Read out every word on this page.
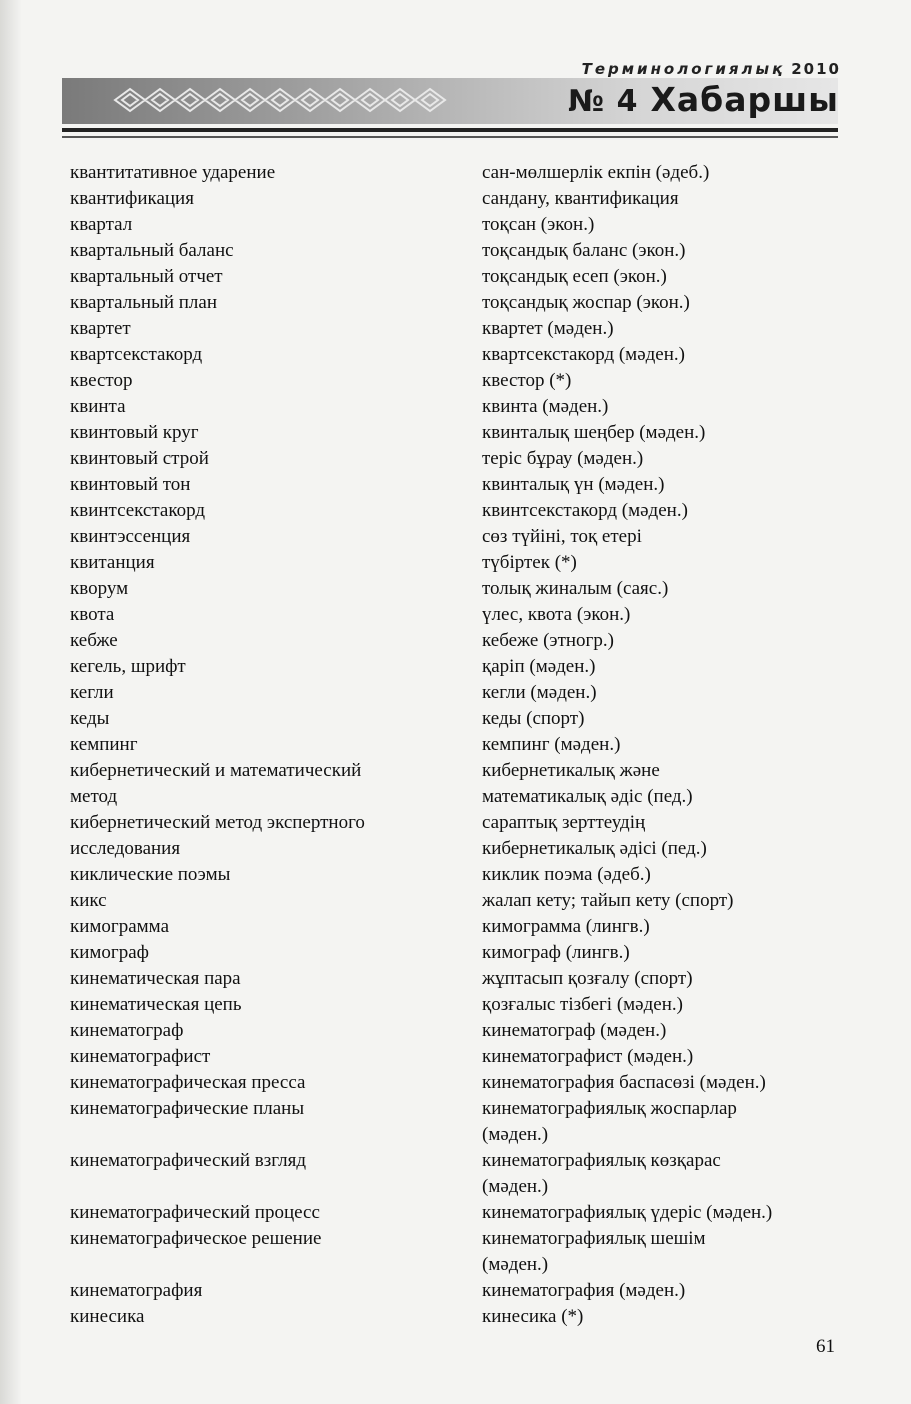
Терминологиялық 2010
№ 4 Хабаршы
квантитативное ударение
квантификация
квартал
квартальный баланс
квартальный отчет
квартальный план
квартет
квартсекстакорд
квестор
квинта
квинтовый круг
квинтовый строй
квинтовый тон
квинтсекстакорд
квинтэссенция
квитанция
кворум
квота
кебже
кегель, шрифт
кегли
кеды
кемпинг
кибернетический и математический
метод
кибернетический метод экспертного
исследования
киклические поэмы
кикс
кимограмма
кимограф
кинематическая пара
кинематическая цепь
кинематограф
кинематографист
кинематографическая пресса
кинематографические планы
кинематографический взгляд
кинематографический процесс
кинематографическое решение
кинематография
кинесика
сан-мөлшерлік екпін (әдеб.)
сандану, квантификация
тоқсан (экон.)
тоқсандық баланс (экон.)
тоқсандық есеп (экон.)
тоқсандық жоспар (экон.)
квартет (мәден.)
квартсекстакорд (мәден.)
квестор (*)
квинта (мәден.)
квинталық шеңбер (мәден.)
теріс бұрау (мәден.)
квинталық үн (мәден.)
квинтсекстакорд (мәден.)
сөз түйіні, тоқ етері
түбіртек (*)
толық жиналым (саяс.)
үлес, квота (экон.)
кебеже (этногр.)
қаріп (мәден.)
кегли (мәден.)
кеды (спорт)
кемпинг (мәден.)
кибернетикалық және
математикалық әдіс (пед.)
сараптық зерттеудің
кибернетикалық әдісі (пед.)
киклик поэма (әдеб.)
жалап кету; тайып кету (спорт)
кимограмма (лингв.)
кимограф (лингв.)
жұптасып қозғалу (спорт)
қозғалыс тізбегі (мәден.)
кинематограф (мәден.)
кинематографист (мәден.)
кинематография баспасөзі (мәден.)
кинематографиялық жоспарлар
(мәден.)
кинематографиялық көзқарас
(мәден.)
кинематографиялық үдеріс (мәден.)
кинематографиялық шешім
(мәден.)
кинематография (мәден.)
кинесика (*)
61
